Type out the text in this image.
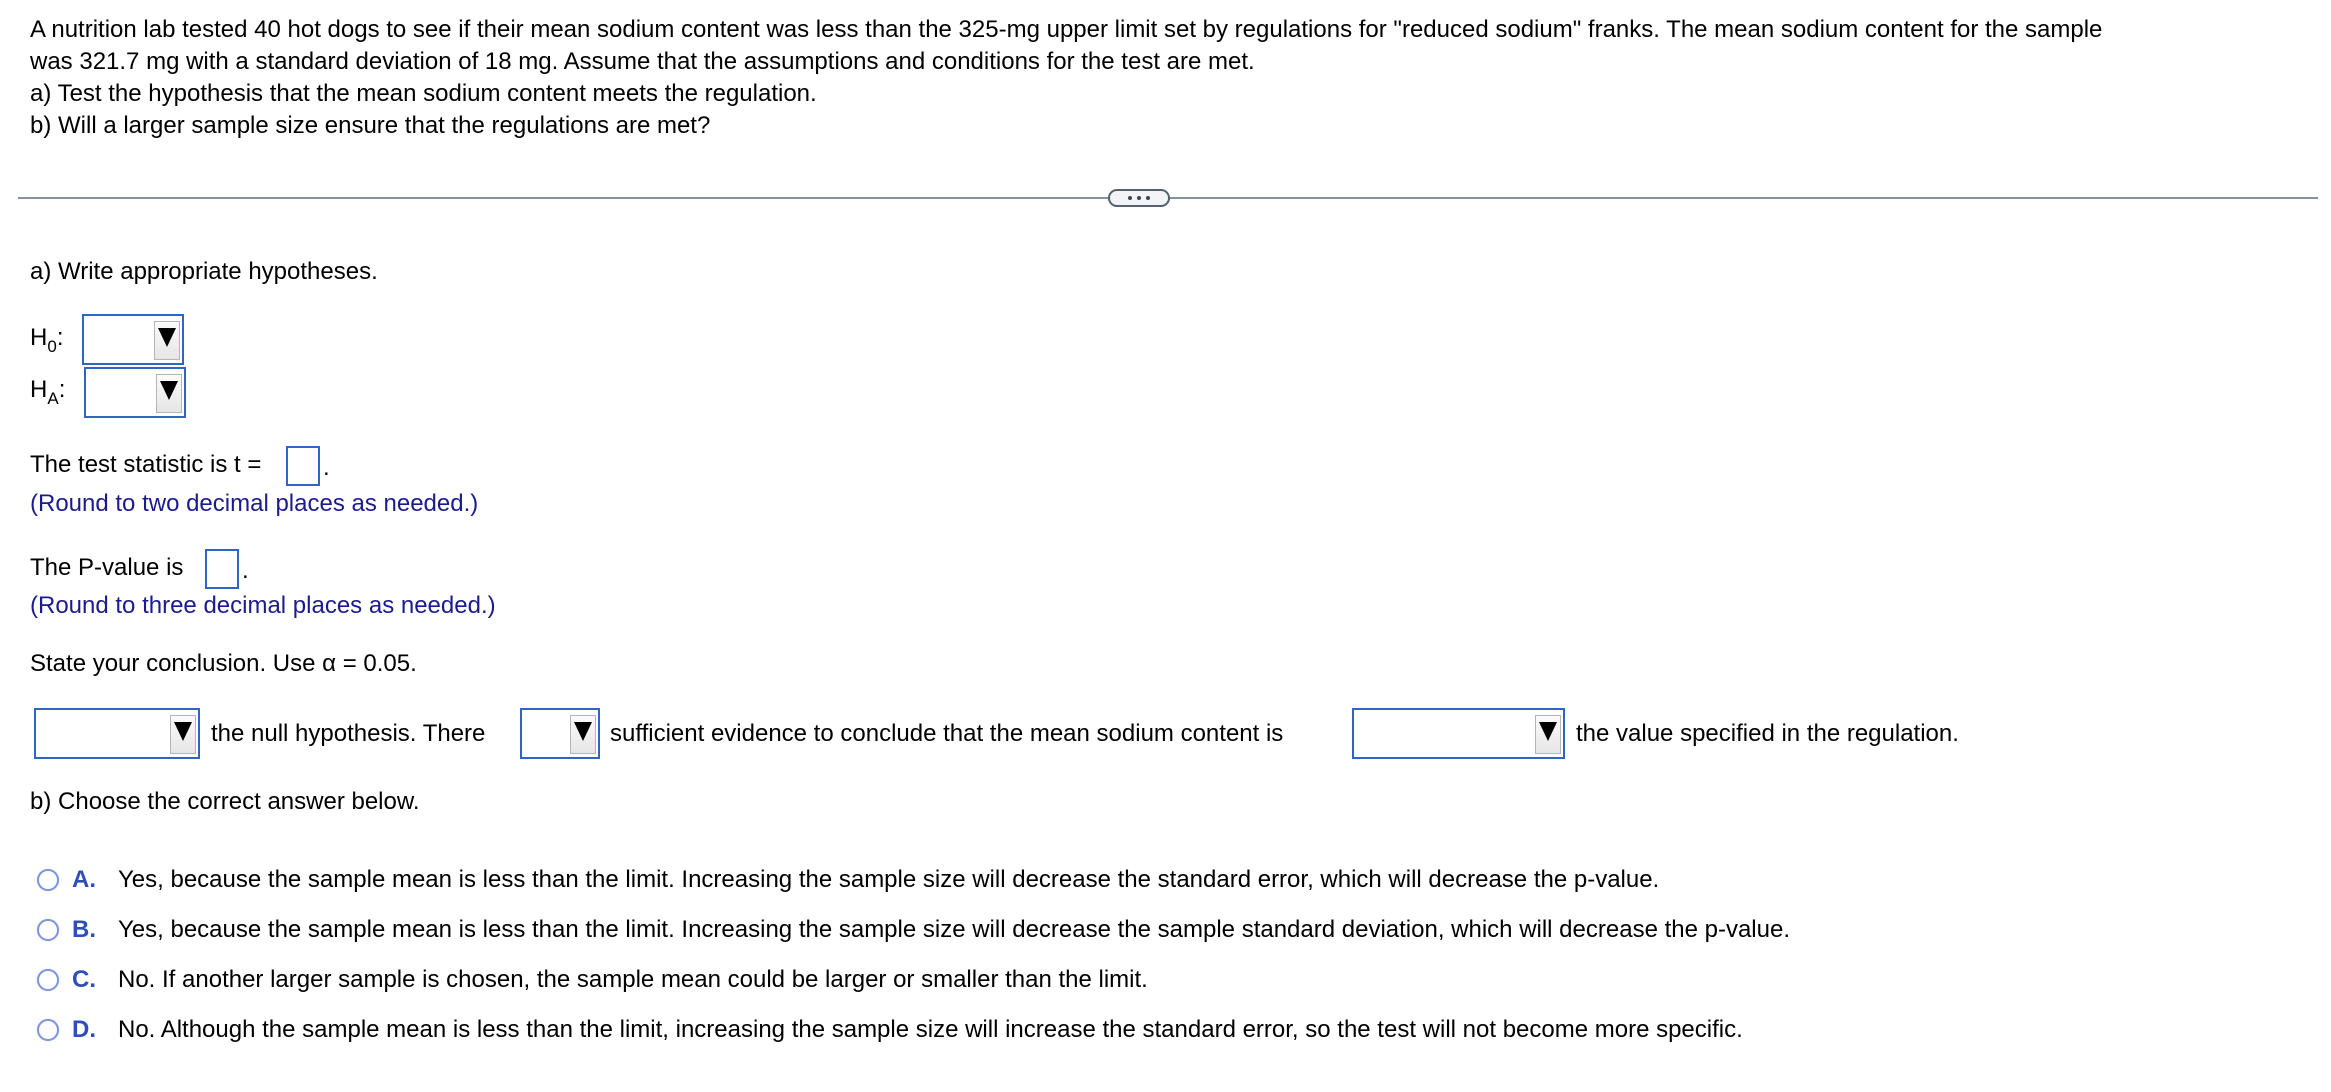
A nutrition lab tested 40 hot dogs to see if their mean sodium content was less than the 325-mg upper limit set by regulations for "reduced sodium" franks. The mean sodium content for the sample
was 321.7 mg with a standard deviation of 18 mg. Assume that the assumptions and conditions for the test are met.
a) Test the hypothesis that the mean sodium content meets the regulation.
b) Will a larger sample size ensure that the regulations are met?
a) Write appropriate hypotheses.
$H_0$:
$H_A$:
The test statistic is t =	.
(Round to two decimal places as needed.)
The P-value is .
(Round to three decimal places as needed.)
State your conclusion. Use α = 0.05.
the null hypothesis. There	sufficient evidence to conclude that the mean sodium content is	the value specified in the regulation.
b) Choose the correct answer below.
A. Yes, because the sample mean is less than the limit. Increasing the sample size will decrease the standard error, which will decrease the p-value.
B. Yes, because the sample mean is less than the limit. Increasing the sample size will decrease the sample standard deviation, which will decrease the p-value.
C. No. If another larger sample is chosen, the sample mean could be larger or smaller than the limit.
D. No. Although the sample mean is less than the limit, increasing the sample size will increase the standard error, so the test will not become more specific.
